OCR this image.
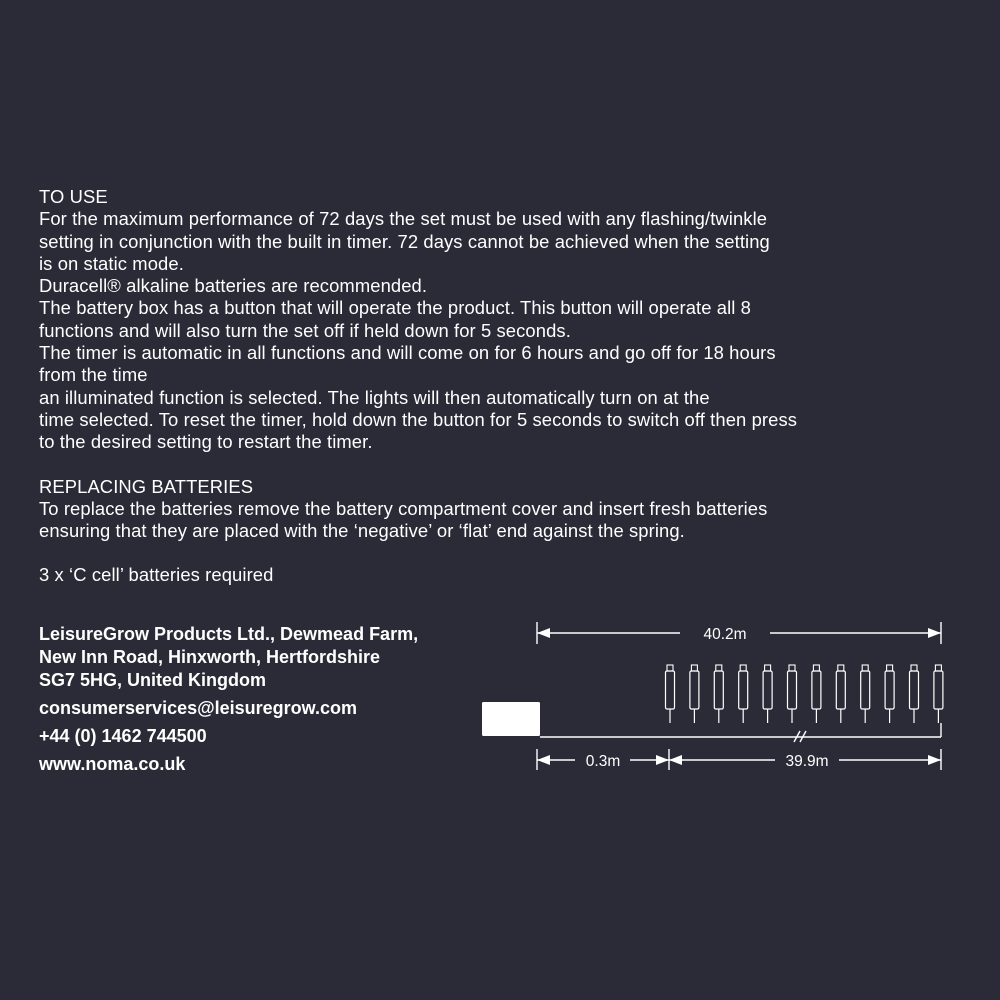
TO USE

For the maximum performance of 72 days the set must be used with any flashing/twinkle

setting in conjunction with the built in timer. 72 days cannot be achieved when the setting

is on static mode.

Duracell® alkaline batteries are recommended.

The battery box has a button that will operate the product. This button will operate all 8

functions and will also turn the set off if held down for 5 seconds.

The timer is automatic in all functions and will come on for 6 hours and go off for 18 hours

from the time

an illuminated function is selected. The lights will then automatically turn on at the

time selected. To reset the timer, hold down the button for 5 seconds to switch off then press

to the desired setting to restart the timer.

REPLACING BATTERIES

To replace the batteries remove the battery compartment cover and insert fresh batteries

ensuring that they are placed with the ‘negative’ or ‘flat’ end against the spring.

3 x ‘C cell’ batteries required

LeisureGrow Products Ltd., Dewmead Farm,

New Inn Road, Hinxworth, Hertfordshire

SG7 5HG, United Kingdom

consumerservices@leisuregrow.com

+44 (0) 1462 744500

www.noma.co.uk

40.2m
0.3m	39.9m
